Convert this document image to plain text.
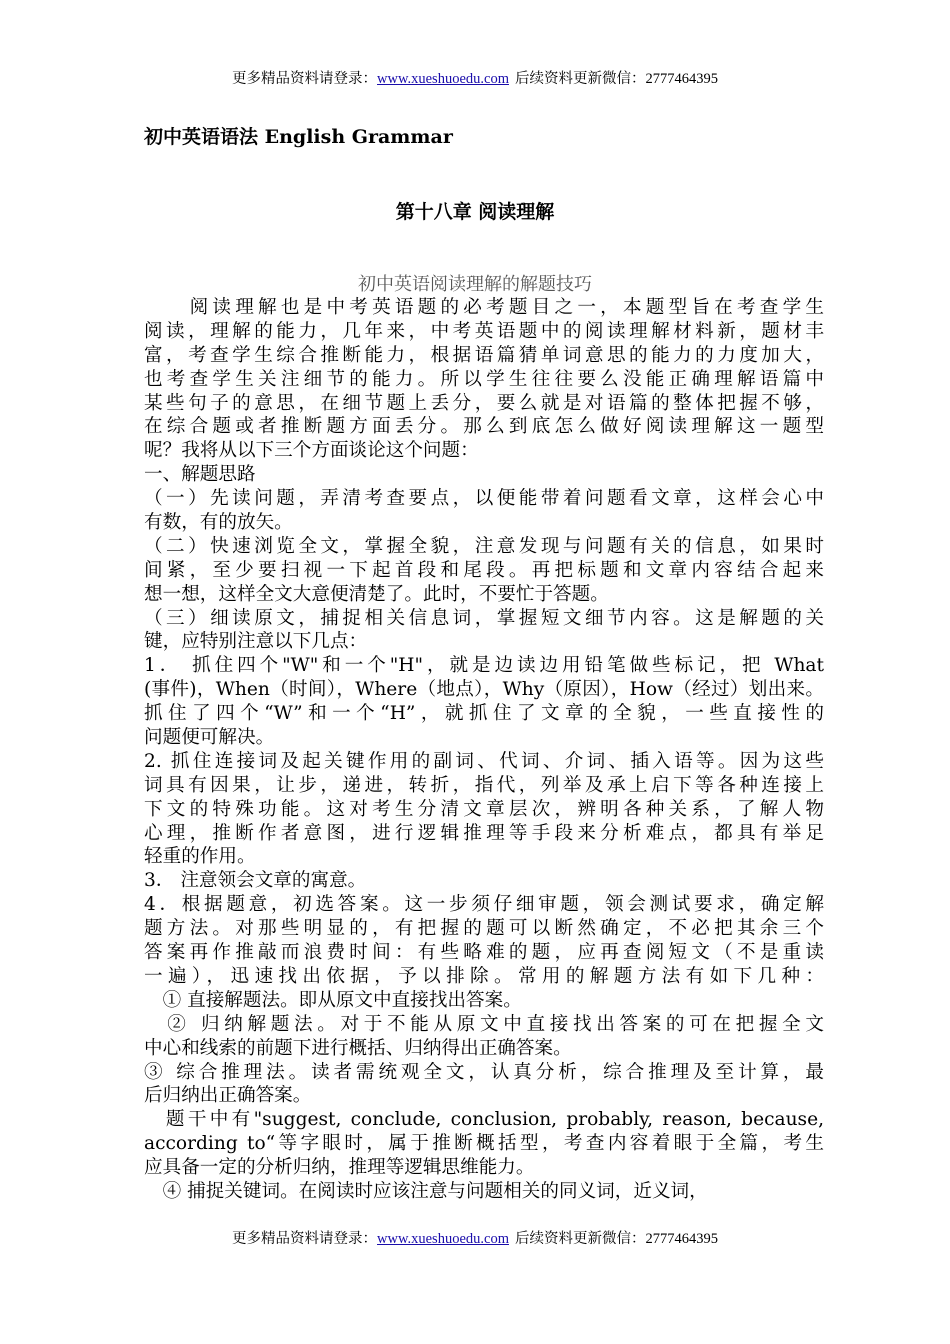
更多精品资料请登录：www.xueshuoedu.com 后续资料更新微信：2777464395
初中英语语法 English Grammar
第十八章 阅读理解
初中英语阅读理解的解题技巧
　　阅读理解也是中考英语题的必考题目之一，本题型旨在考查学生
阅读，理解的能力，几年来，中考英语题中的阅读理解材料新，题材丰
富，考查学生综合推断能力，根据语篇猜单词意思的能力的力度加大，
也考查学生关注细节的能力。所以学生往往要么没能正确理解语篇中
某些句子的意思，在细节题上丢分，要么就是对语篇的整体把握不够，
在综合题或者推断题方面丢分。那么到底怎么做好阅读理解这一题型
呢？我将从以下三个方面谈论这个问题：
一、解题思路
（一）先读问题，弄清考查要点，以便能带着问题看文章，这样会心中
有数，有的放矢。
（二）快速浏览全文，掌握全貌，注意发现与问题有关的信息，如果时
间紧，至少要扫视一下起首段和尾段。再把标题和文章内容结合起来
想一想，这样全文大意便清楚了。此时，不要忙于答题。
（三）细读原文，捕捉相关信息词，掌握短文细节内容。这是解题的关
键，应特别注意以下几点：
1． 抓住四个"W"和一个"H"，就是边读边用铅笔做些标记，把 What
(事件)，When（时间），Where（地点），Why（原因），How（经过）划出来。
抓住了四个“W”和一个“H”，就抓住了文章的全貌，一些直接性的
问题便可解决。
2. 抓住连接词及起关键作用的副词、代词、介词、插入语等。因为这些
词具有因果，让步，递进，转折，指代，列举及承上启下等各种连接上
下文的特殊功能。这对考生分清文章层次，辨明各种关系，了解人物
心理，推断作者意图，进行逻辑推理等手段来分析难点，都具有举足
轻重的作用。
3． 注意领会文章的寓意。
4．根据题意，初选答案。这一步须仔细审题，领会测试要求，确定解
题方法。对那些明显的，有把握的题可以断然确定，不必把其余三个
答案再作推敲而浪费时间：有些略难的题，应再查阅短文（不是重读
一遍），迅速找出依据，予以排除。常用的解题方法有如下几种：
　① 直接解题法。即从原文中直接找出答案。
　② 归纳解题法。对于不能从原文中直接找出答案的可在把握全文
中心和线索的前题下进行概括、归纳得出正确答案。
③ 综合推理法。读者需统观全文，认真分析，综合推理及至计算，最
后归纳出正确答案。
　题干中有"suggest, conclude, conclusion, probably, reason, because,
according to“等字眼时，属于推断概括型，考查内容着眼于全篇，考生
应具备一定的分析归纳，推理等逻辑思维能力。
　④ 捕捉关键词。在阅读时应该注意与问题相关的同义词，近义词，
更多精品资料请登录：www.xueshuoedu.com 后续资料更新微信：2777464395
